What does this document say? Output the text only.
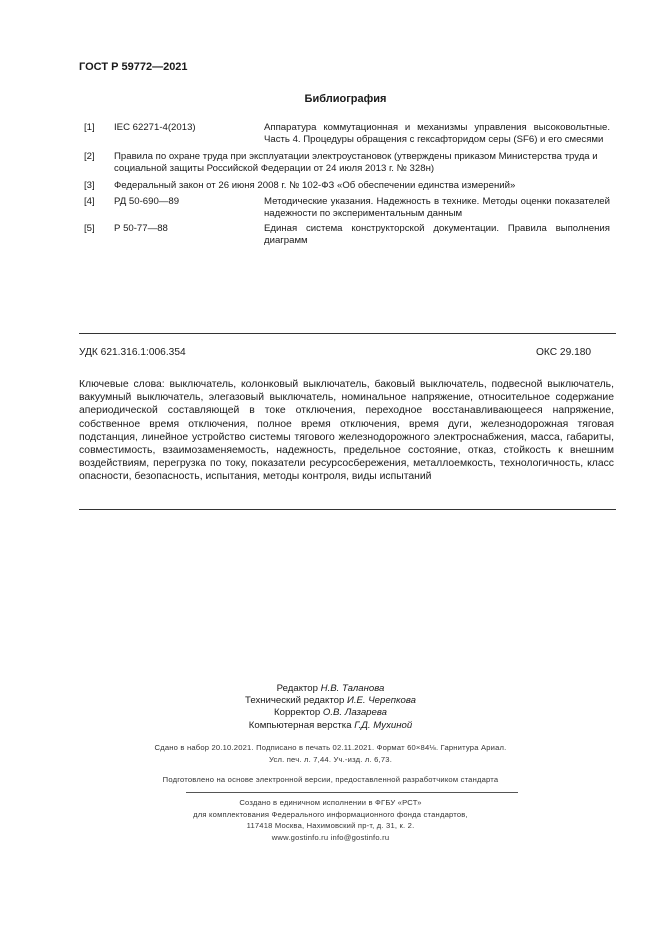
ГОСТ Р 59772—2021
Библиография
[1] IEC 62271-4(2013)	Аппаратура коммутационная и механизмы управления высоковольтные. Часть 4. Процедуры обращения с гексафторидом серы (SF6) и его смесями
[2] Правила по охране труда при эксплуатации электроустановок (утверждены приказом Министерства труда и социальной защиты Российской Федерации от 24 июля 2013 г. № 328н)
[3] Федеральный закон от 26 июня 2008 г. № 102-ФЗ «Об обеспечении единства измерений»
[4] РД 50-690—89	Методические указания. Надежность в технике. Методы оценки показателей надежности по экспериментальным данным
[5] Р 50-77—88	Единая система конструкторской документации. Правила выполнения диаграмм
УДК 621.316.1:006.354	ОКС 29.180
Ключевые слова: выключатель, колонковый выключатель, баковый выключатель, подвесной выключатель, вакуумный выключатель, элегазовый выключатель, номинальное напряжение, относительное содержание апериодической составляющей в токе отключения, переходное восстанавливающееся напряжение, собственное время отключения, полное время отключения, время дуги, железнодорожная тяговая подстанция, линейное устройство системы тягового железнодорожного электроснабжения, масса, габариты, совместимость, взаимозаменяемость, надежность, предельное состояние, отказ, стойкость к внешним воздействиям, перегрузка по току, показатели ресурсосбережения, металлоемкость, технологичность, класс опасности, безопасность, испытания, методы контроля, виды испытаний
Редактор Н.В. Таланова
Технический редактор И.Е. Черепкова
Корректор О.В. Лазарева
Компьютерная верстка Г.Д. Мухиной
Сдано в набор 20.10.2021. Подписано в печать 02.11.2021. Формат 60×84⅛. Гарнитура Ариал.
Усл. печ. л. 7,44. Уч.-изд. л. 6,73.
Подготовлено на основе электронной версии, предоставленной разработчиком стандарта
Создано в единичном исполнении в ФГБУ «РСТ»
для комплектования Федерального информационного фонда стандартов,
117418 Москва, Нахимовский пр-т, д. 31, к. 2.
www.gostinfo.ru info@gostinfo.ru
